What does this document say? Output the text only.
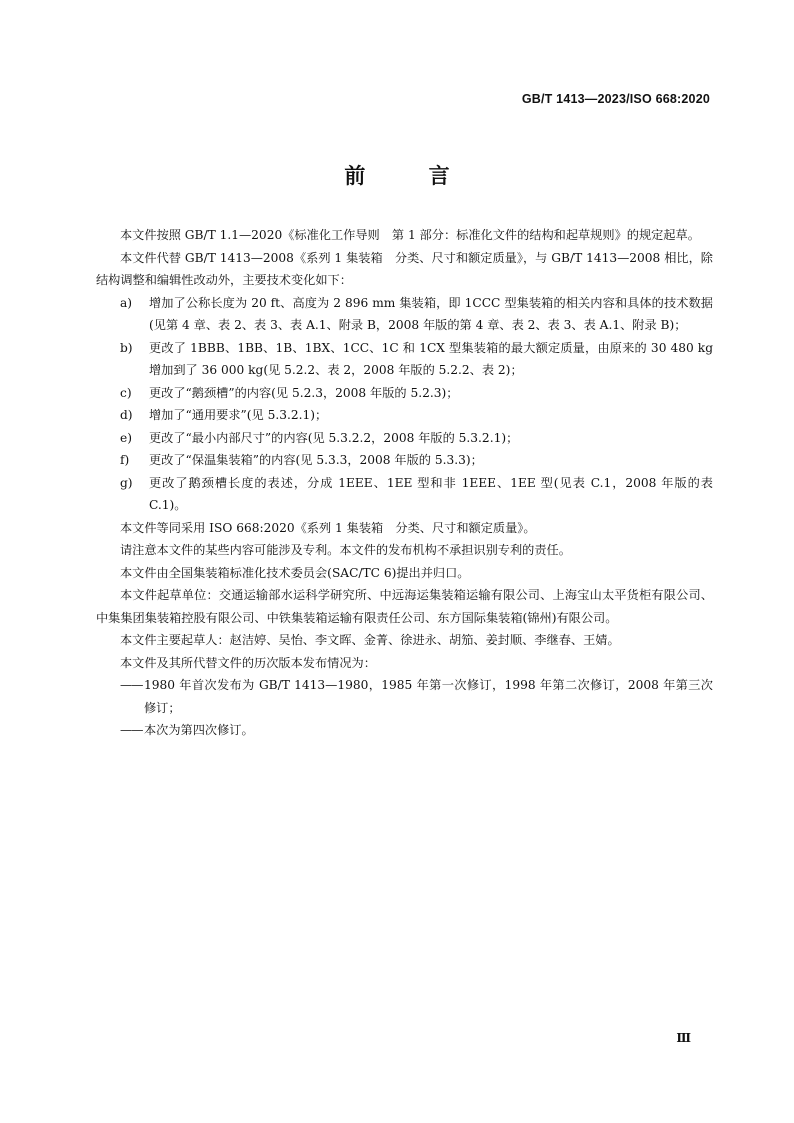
GB/T 1413—2023/ISO 668:2020
前 言

本文件按照 GB/T 1.1—2020《标准化工作导则　第 1 部分：标准化文件的结构和起草规则》的规定起草。

本文件代替 GB/T 1413—2008《系列 1 集装箱　分类、尺寸和额定质量》，与 GB/T 1413—2008 相比，除结构调整和编辑性改动外，主要技术变化如下：

a)	增加了公称长度为 20 ft、高度为 2 896 mm 集装箱，即 1CCC 型集装箱的相关内容和具体的技术数据(见第 4 章、表 2、表 3、表 A.1、附录 B，2008 年版的第 4 章、表 2、表 3、表 A.1、附录 B)；
b)	更改了 1BBB、1BB、1B、1BX、1CC、1C 和 1CX 型集装箱的最大额定质量，由原来的 30 480 kg 增加到了 36 000 kg(见 5.2.2、表 2，2008 年版的 5.2.2、表 2)；
c)	更改了“鹅颈槽”的内容(见 5.2.3，2008 年版的 5.2.3)；
d)	增加了“通用要求”(见 5.3.2.1)；
e)	更改了“最小内部尺寸”的内容(见 5.3.2.2，2008 年版的 5.3.2.1)；
f)	更改了“保温集装箱”的内容(见 5.3.3，2008 年版的 5.3.3)；
g)	更改了鹅颈槽长度的表述，分成 1EEE、1EE 型和非 1EEE、1EE 型(见表 C.1，2008 年版的表 C.1)。

本文件等同采用 ISO 668:2020《系列 1 集装箱　分类、尺寸和额定质量》。

请注意本文件的某些内容可能涉及专利。本文件的发布机构不承担识别专利的责任。

本文件由全国集装箱标准化技术委员会(SAC/TC 6)提出并归口。

本文件起草单位：交通运输部水运科学研究所、中远海运集装箱运输有限公司、上海宝山太平货柜有限公司、中集集团集装箱控股有限公司、中铁集装箱运输有限责任公司、东方国际集装箱(锦州)有限公司。

本文件主要起草人：赵洁婷、吴怡、李文晖、金菁、徐进永、胡笳、姜封顺、李继春、王婧。

本文件及其所代替文件的历次版本发布情况为：

—— 1980 年首次发布为 GB/T 1413—1980，1985 年第一次修订，1998 年第二次修订，2008 年第三次修订；
—— 本次为第四次修订。
Ⅲ
